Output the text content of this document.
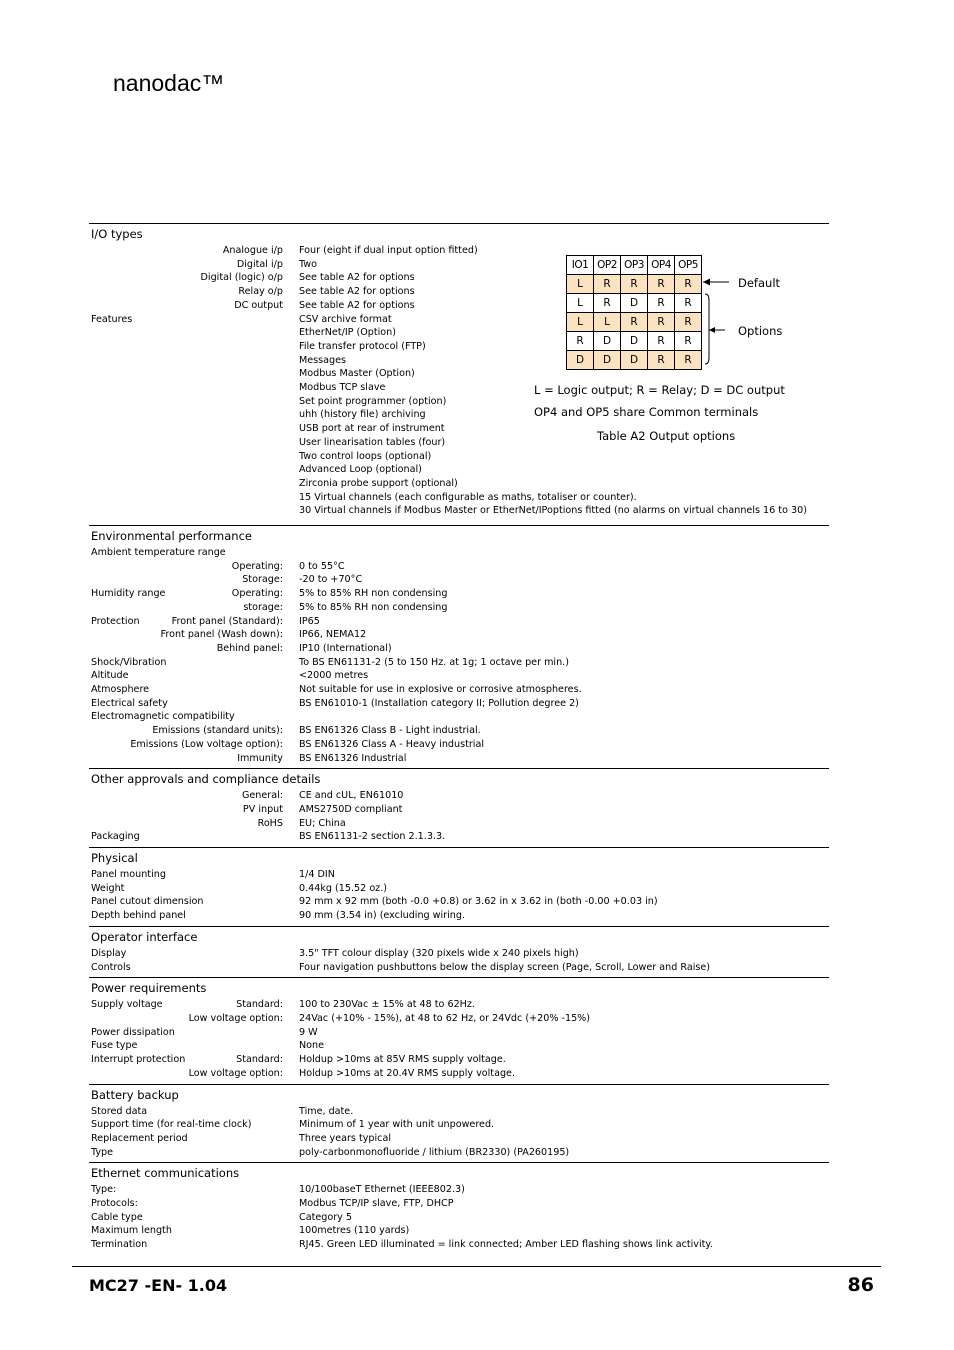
nanodac™
I/O types
Analogue i/p Four (eight if dual input option fitted)
Digital i/p Two
Digital (logic) o/p See table A2 for options
Relay o/p See table A2 for options
DC output See table A2 for options
Features	CSV archive format
EtherNet/IP (Option)
File transfer protocol (FTP)
Messages
Modbus Master (Option)
Modbus TCP slave
Set point programmer (option)
uhh (history file) archiving
USB port at rear of instrument
User linearisation tables (four)
Two control loops (optional)
Advanced Loop (optional)
Zirconia probe support (optional)
15 Virtual channels (each configurable as maths, totaliser or counter).
30 Virtual channels if Modbus Master or EtherNet/IPoptions fitted (no alarms on virtual channels 16 to 30)
IO1	OP2	OP3	OP4	OP5
L	R	R	R	R
L	R	D	R	R
L	L	R	R	R
R	D	D	R	R
D	D	D	R	R
Default
Options
L = Logic output; R = Relay; D = DC output
OP4 and OP5 share Common terminals
Table A2 Output options
Environmental performance
Ambient temperature range
Operating: 0 to 55°C
Storage: -20 to +70°C
Humidity range	Operating: 5% to 85% RH non condensing
storage: 5% to 85% RH non condensing
Protection	Front panel (Standard): IP65
Front panel (Wash down): IP66, NEMA12
Behind panel: IP10 (International)
Shock/Vibration	To BS EN61131-2 (5 to 150 Hz. at 1g; 1 octave per min.)
Altitude	<2000 metres
Atmosphere	Not suitable for use in explosive or corrosive atmospheres.
Electrical safety	BS EN61010-1 (Installation category II; Pollution degree 2)
Electromagnetic compatibility
Emissions (standard units): BS EN61326 Class B - Light industrial.
Emissions (Low voltage option): BS EN61326 Class A - Heavy industrial
Immunity BS EN61326 Industrial
Other approvals and compliance details
General: CE and cUL, EN61010
PV input AMS2750D compliant
RoHS EU; China
Packaging	BS EN61131-2 section 2.1.3.3.
Physical
Panel mounting	1/4 DIN
Weight	0.44kg (15.52 oz.)
Panel cutout dimension	92 mm x 92 mm (both -0.0 +0.8) or 3.62 in x 3.62 in (both -0.00 +0.03 in)
Depth behind panel	90 mm (3.54 in) (excluding wiring.
Operator interface
Display	3.5" TFT colour display (320 pixels wide x 240 pixels high)
Controls	Four navigation pushbuttons below the display screen (Page, Scroll, Lower and Raise)
Power requirements
Supply voltage	Standard: 100 to 230Vac ± 15% at 48 to 62Hz.
Low voltage option: 24Vac (+10% - 15%), at 48 to 62 Hz, or 24Vdc (+20% -15%)
Power dissipation	9 W
Fuse type	None
Interrupt protection	Standard: Holdup >10ms at 85V RMS supply voltage.
Low voltage option: Holdup >10ms at 20.4V RMS supply voltage.
Battery backup
Stored data	Time, date.
Support time (for real-time clock)	Minimum of 1 year with unit unpowered.
Replacement period	Three years typical
Type	poly-carbonmonofluoride / lithium (BR2330) (PA260195)
Ethernet communications
Type:	10/100baseT Ethernet (IEEE802.3)
Protocols:	Modbus TCP/IP slave, FTP, DHCP
Cable type	Category 5
Maximum length	100metres (110 yards)
Termination	RJ45. Green LED illuminated = link connected; Amber LED flashing shows link activity.
MC27 -EN- 1.04	86
